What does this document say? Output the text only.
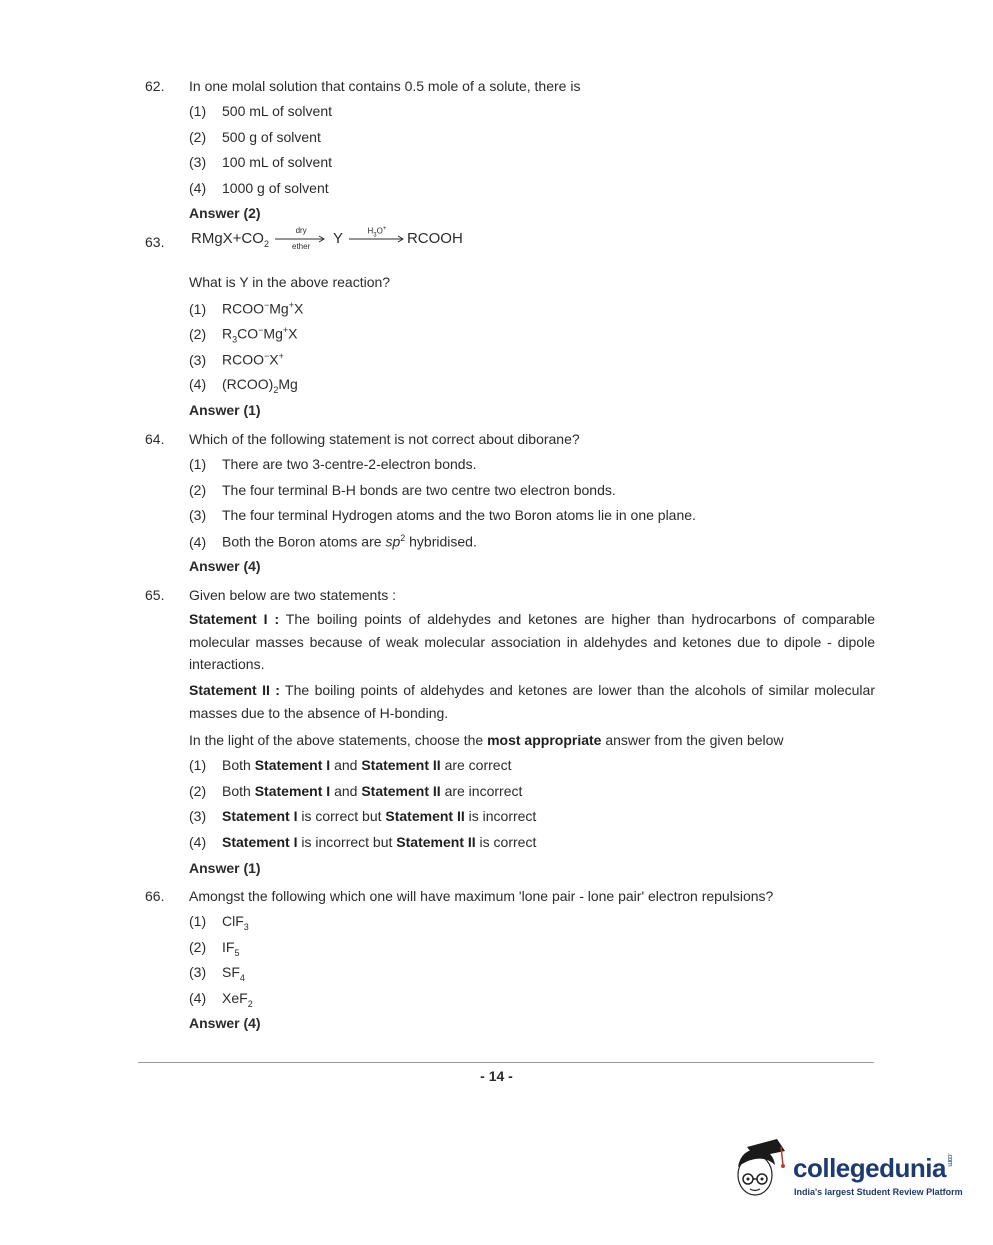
62. In one molal solution that contains 0.5 mole of a solute, there is
(1) 500 mL of solvent
(2) 500 g of solvent
(3) 100 mL of solvent
(4) 1000 g of solvent
Answer (2)
63. $RMgX+CO_2$
dry
ether	Y	$H_3O^+$
RCOOH
What is Y in the above reaction?
(1) RCOO−Mg+X
(2) $R_3CO^-Mg^+X$
(3) RCOO−X+
(4) $(RCOO)_2Mg$
Answer (1)
64. Which of the following statement is not correct about diborane?
(1) There are two 3-centre-2-electron bonds.
(2) The four terminal B-H bonds are two centre two electron bonds.
(3) The four terminal Hydrogen atoms and the two Boron atoms lie in one plane.
(4) Both the Boron atoms are $sp^2$ hybridised.
Answer (4)
65. Given below are two statements :
Statement I : The boiling points of aldehydes and ketones are higher than hydrocarbons of comparable molecular masses because of weak molecular association in aldehydes and ketones due to dipole - dipole interactions.
Statement II : The boiling points of aldehydes and ketones are lower than the alcohols of similar molecular masses due to the absence of H-bonding.
In the light of the above statements, choose the most appropriate answer from the given below
(1) Both Statement I and Statement II are correct
(2) Both Statement I and Statement II are incorrect
(3) Statement I is correct but Statement II is incorrect
(4) Statement I is incorrect but Statement II is correct
Answer (1)
66. Amongst the following which one will have maximum 'lone pair - lone pair' electron repulsions?
(1) ClF$_3$
(2) $IF_5$
(3) $SF_4$
(4) XeF$_2$
Answer (4)
- 14 -
collegedunia.com
India's largest Student Review Platform
